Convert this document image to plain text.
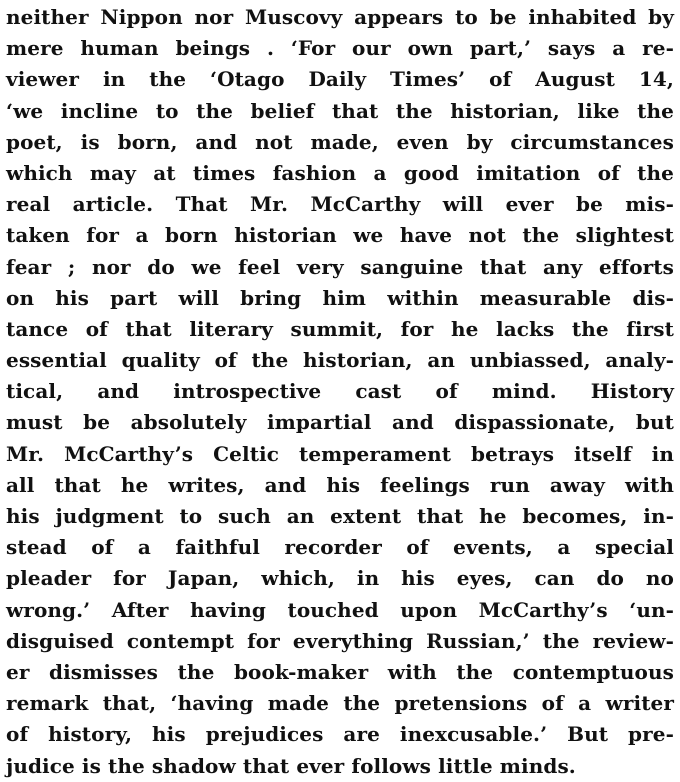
neither Nippon nor Muscovy appears to be inhabited by
mere human beings . ‘For our own part,’ says a re-
viewer in the ‘Otago Daily Times’ of August 14,
‘we incline to the belief that the historian, like the
poet, is born, and not made, even by circumstances
which may at times fashion a good imitation of the
real article. That Mr. McCarthy will ever be mis-
taken for a born historian we have not the slightest
fear ; nor do we feel very sanguine that any efforts
on his part will bring him within measurable dis-
tance of that literary summit, for he lacks the first
essential quality of the historian, an unbiassed, analy-
tical, and introspective cast of mind. History
must be absolutely impartial and dispassionate, but
Mr. McCarthy’s Celtic temperament betrays itself in
all that he writes, and his feelings run away with
his judgment to such an extent that he becomes, in-
stead of a faithful recorder of events, a special
pleader for Japan, which, in his eyes, can do no
wrong.’ After having touched upon McCarthy’s ‘un-
disguised contempt for everything Russian,’ the review-
er dismisses the book-maker with the contemptuous
remark that, ‘having made the pretensions of a writer
of history, his prejudices are inexcusable.’ But pre-
judice is the shadow that ever follows little minds.
